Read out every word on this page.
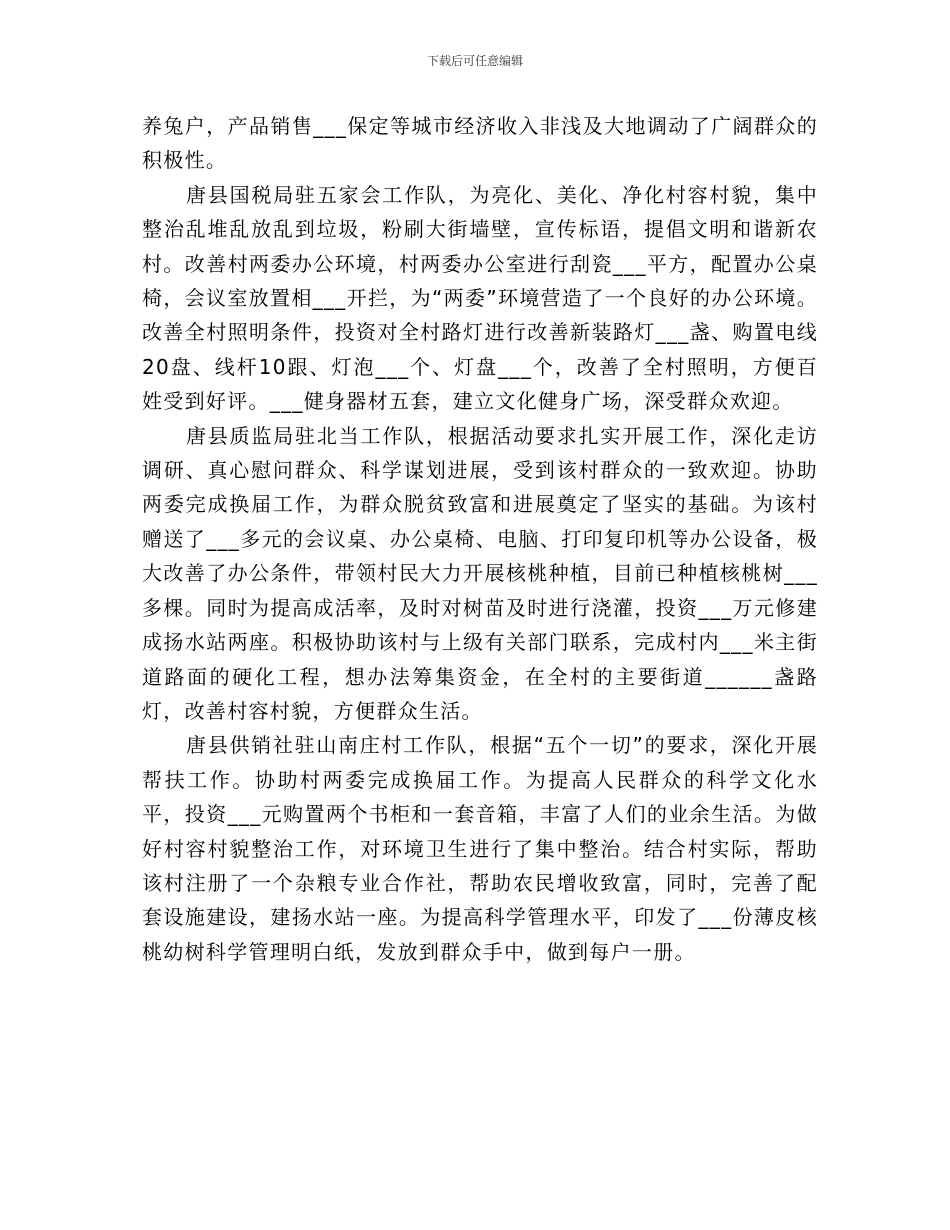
下载后可任意编辑

养兔户，产品销售___保定等城市经济收入非浅及大地调动了广阔群众的积极性。

唐县国税局驻五家会工作队，为亮化、美化、净化村容村貌，集中整治乱堆乱放乱到垃圾，粉刷大街墙壁，宣传标语，提倡文明和谐新农村。改善村两委办公环境，村两委办公室进行刮瓷___平方，配置办公桌椅，会议室放置相___开拦，为“两委”环境营造了一个良好的办公环境。改善全村照明条件，投资对全村路灯进行改善新装路灯___盏、购置电线20盘、线杆10跟、灯泡___个、灯盘___个，改善了全村照明，方便百姓受到好评。___健身器材五套，建立文化健身广场，深受群众欢迎。

唐县质监局驻北当工作队，根据活动要求扎实开展工作，深化走访调研、真心慰问群众、科学谋划进展，受到该村群众的一致欢迎。协助两委完成换届工作，为群众脱贫致富和进展奠定了坚实的基础。为该村赠送了___多元的会议桌、办公桌椅、电脑、打印复印机等办公设备，极大改善了办公条件，带领村民大力开展核桃种植，目前已种植核桃树___多棵。同时为提高成活率，及时对树苗及时进行浇灌，投资___万元修建成扬水站两座。积极协助该村与上级有关部门联系，完成村内___米主街道路面的硬化工程，想办法筹集资金，在全村的主要街道______盏路灯，改善村容村貌，方便群众生活。

唐县供销社驻山南庄村工作队，根据“五个一切”的要求，深化开展帮扶工作。协助村两委完成换届工作。为提高人民群众的科学文化水平，投资___元购置两个书柜和一套音箱，丰富了人们的业余生活。为做好村容村貌整治工作，对环境卫生进行了集中整治。结合村实际，帮助该村注册了一个杂粮专业合作社，帮助农民增收致富，同时，完善了配套设施建设，建扬水站一座。为提高科学管理水平，印发了___份薄皮核桃幼树科学管理明白纸，发放到群众手中，做到每户一册。
